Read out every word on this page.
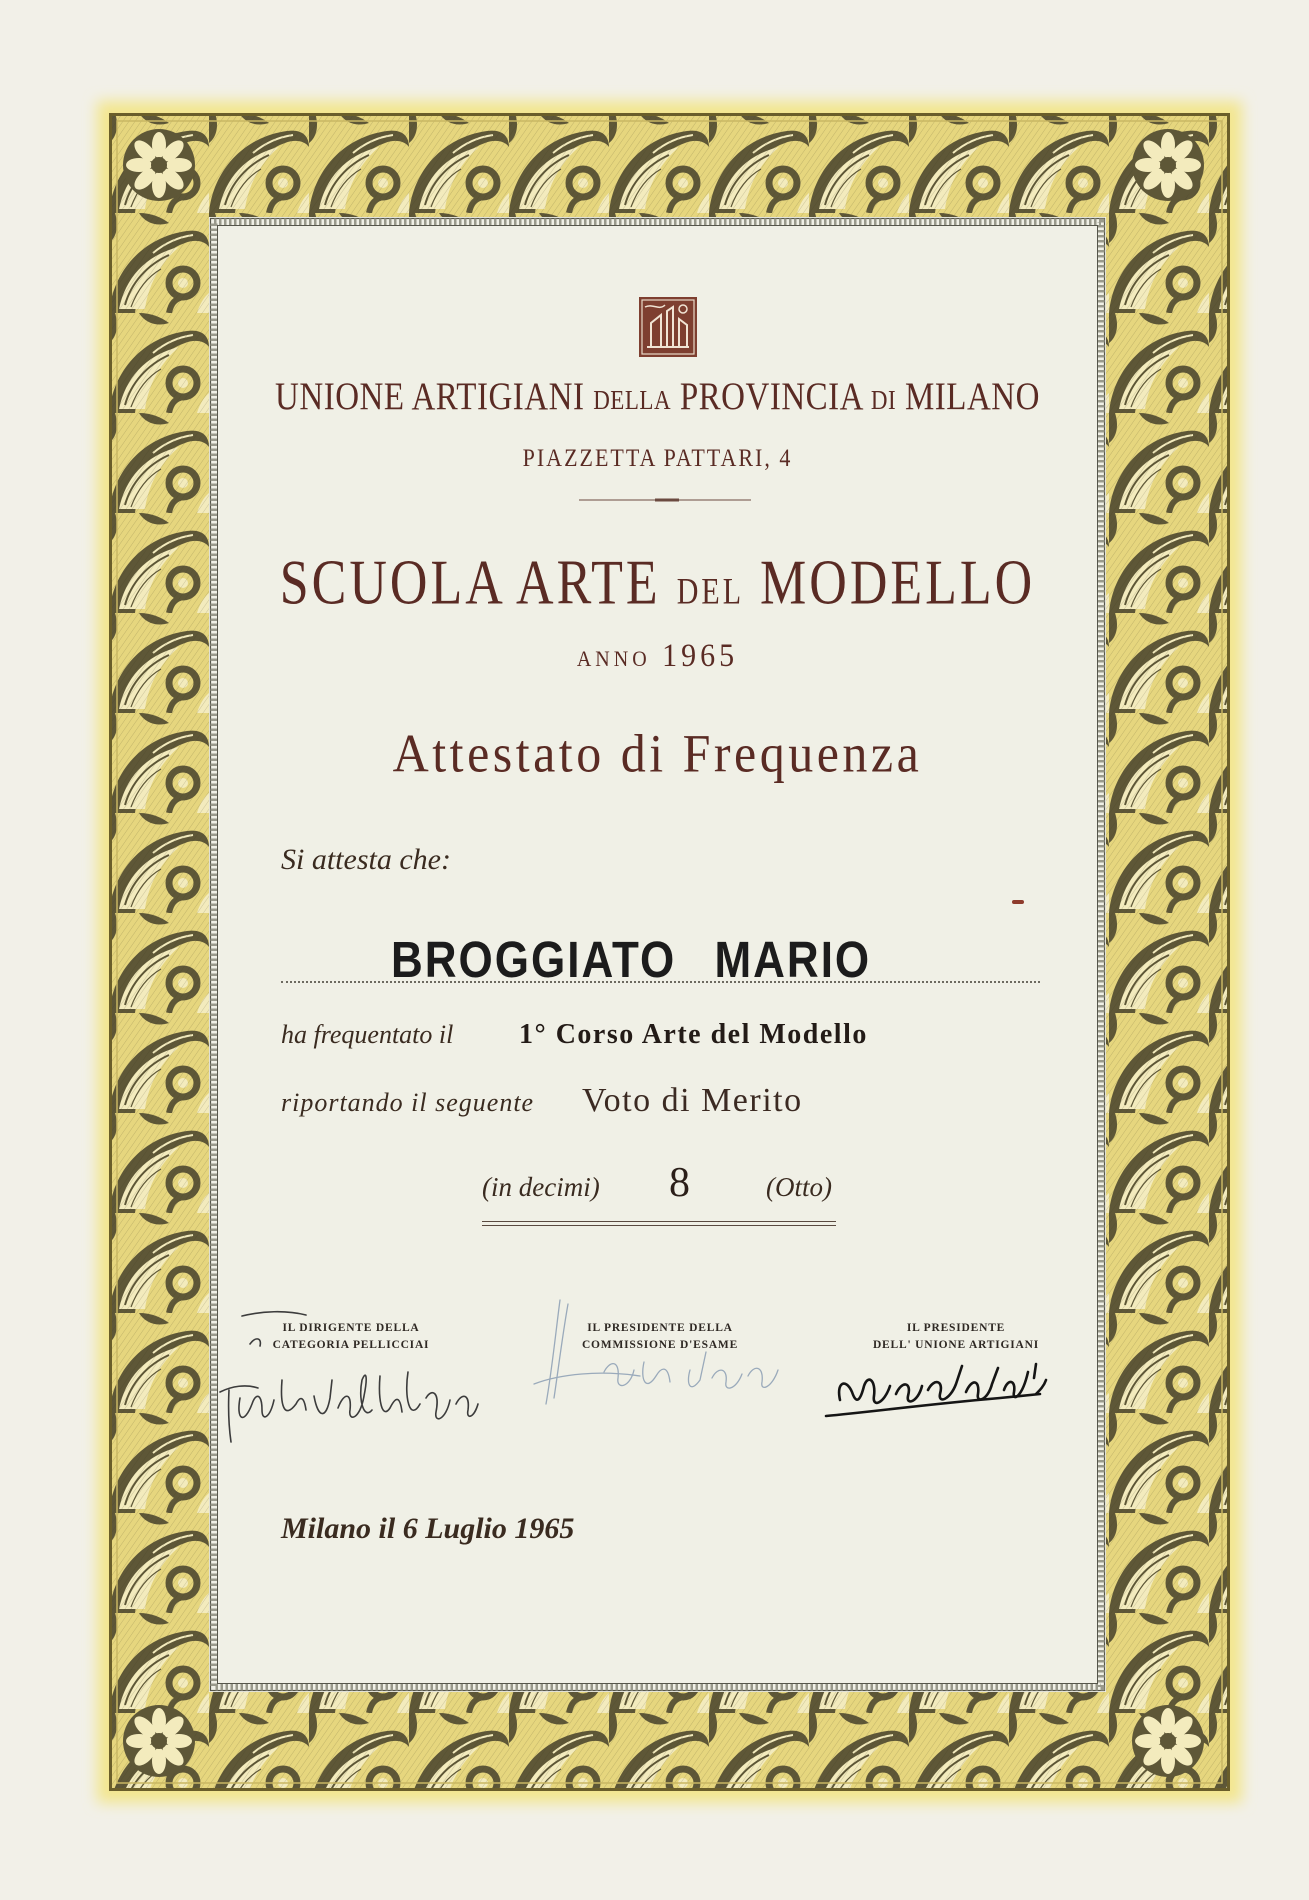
UNIONE ARTIGIANI DELLA PROVINCIA DI MILANO
PIAZZETTA PATTARI, 4
SCUOLA ARTE DEL MODELLO
ANNO 1965
Attestato di Frequenza
Si attesta che:
BROGGIATO MARIO
ha frequentato il	1° Corso Arte del Modello
riportando il seguente	Voto di Merito
(in decimi)	8	(Otto)
IL DIRIGENTE DELLA
CATEGORIA PELLICCIAI
IL PRESIDENTE DELLA
COMMISSIONE D'ESAME
IL PRESIDENTE
DELL' UNIONE ARTIGIANI
Milano il 6 Luglio 1965
